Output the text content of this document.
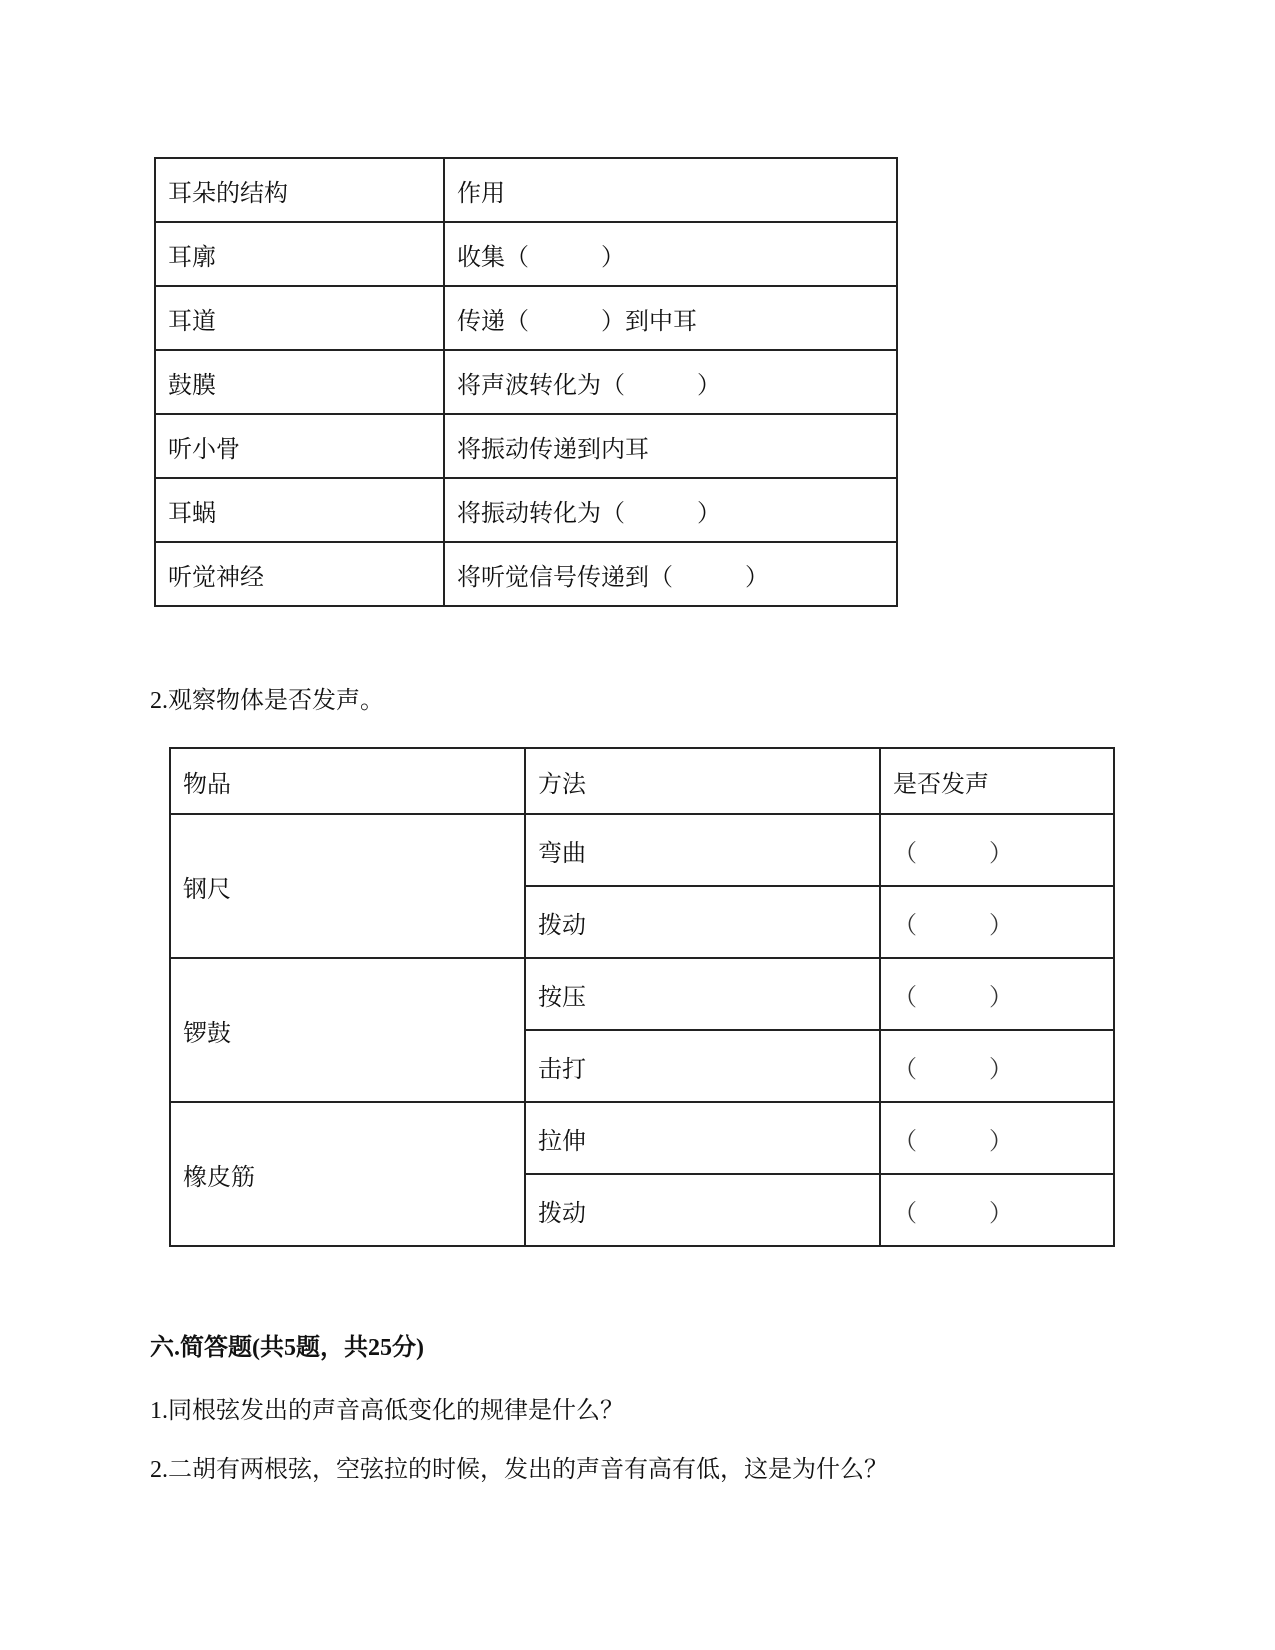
耳朵的结构	作用
耳廓	收集（　　　）
耳道	传递（　　　）到中耳
鼓膜	将声波转化为（　　　）
听小骨	将振动传递到内耳
耳蜗	将振动转化为（　　　）
听觉神经	将听觉信号传递到（　　　）
2.观察物体是否发声。
物品	方法	是否发声
钢尺	弯曲	（　　　）
	拨动	（　　　）
锣鼓	按压	（　　　）
	击打	（　　　）
橡皮筋	拉伸	（　　　）
	拨动	（　　　）
六.简答题(共5题，共25分)
1.同根弦发出的声音高低变化的规律是什么？
2.二胡有两根弦，空弦拉的时候，发出的声音有高有低，这是为什么？
